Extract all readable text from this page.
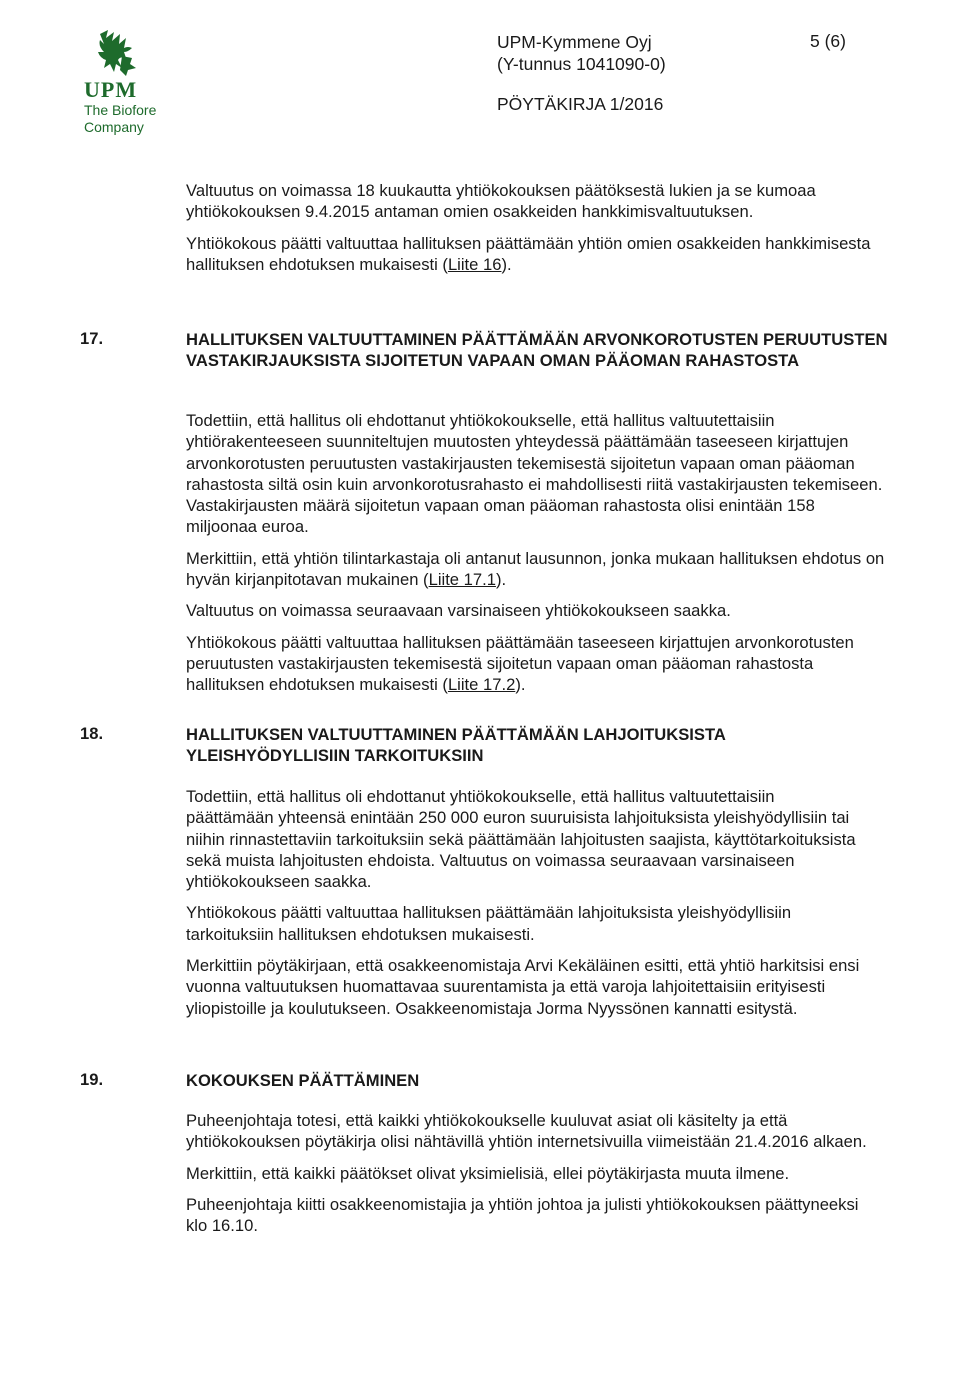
UPM
The Biofore
Company
UPM-Kymmene Oyj
(Y-tunnus 1041090-0)
PÖYTÄKIRJA 1/2016
5 (6)

Valtuutus on voimassa 18 kuukautta yhtiökokouksen päätöksestä lukien ja se kumoaa yhtiökokouksen 9.4.2015 antaman omien osakkeiden hankkimisvaltuutuksen.

Yhtiökokous päätti valtuuttaa hallituksen päättämään yhtiön omien osakkeiden hankkimisesta hallituksen ehdotuksen mukaisesti (Liite 16).

17.	HALLITUKSEN VALTUUTTAMINEN PÄÄTTÄMÄÄN ARVONKOROTUSTEN PERUUTUSTEN VASTAKIRJAUKSISTA SIJOITETUN VAPAAN OMAN PÄÄOMAN RAHASTOSTA

Todettiin, että hallitus oli ehdottanut yhtiökokoukselle, että hallitus valtuutettaisiin yhtiörakenteeseen suunniteltujen muutosten yhteydessä päättämään taseeseen kirjattujen arvonkorotusten peruutusten vastakirjausten tekemisestä sijoitetun vapaan oman pääoman rahastosta siltä osin kuin arvonkorotusrahasto ei mahdollisesti riitä vastakirjausten tekemiseen. Vastakirjausten määrä sijoitetun vapaan oman pääoman rahastosta olisi enintään 158 miljoonaa euroa.

Merkittiin, että yhtiön tilintarkastaja oli antanut lausunnon, jonka mukaan hallituksen ehdotus on hyvän kirjanpitotavan mukainen (Liite 17.1).

Valtuutus on voimassa seuraavaan varsinaiseen yhtiökokoukseen saakka.

Yhtiökokous päätti valtuuttaa hallituksen päättämään taseeseen kirjattujen arvonkorotusten peruutusten vastakirjausten tekemisestä sijoitetun vapaan oman pääoman rahastosta hallituksen ehdotuksen mukaisesti (Liite 17.2).

18.	HALLITUKSEN VALTUUTTAMINEN PÄÄTTÄMÄÄN LAHJOITUKSISTA YLEISHYÖDYLLISIIN TARKOITUKSIIN

Todettiin, että hallitus oli ehdottanut yhtiökokoukselle, että hallitus valtuutettaisiin päättämään yhteensä enintään 250 000 euron suuruisista lahjoituksista yleishyödyllisiin tai niihin rinnastettaviin tarkoituksiin sekä päättämään lahjoitusten saajista, käyttötarkoituksista sekä muista lahjoitusten ehdoista. Valtuutus on voimassa seuraavaan varsinaiseen yhtiökokoukseen saakka.

Yhtiökokous päätti valtuuttaa hallituksen päättämään lahjoituksista yleishyödyllisiin tarkoituksiin hallituksen ehdotuksen mukaisesti.

Merkittiin pöytäkirjaan, että osakkeenomistaja Arvi Kekäläinen esitti, että yhtiö harkitsisi ensi vuonna valtuutuksen huomattavaa suurentamista ja että varoja lahjoitettaisiin erityisesti yliopistoille ja koulutukseen. Osakkeenomistaja Jorma Nyyssönen kannatti esitystä.

19.	KOKOUKSEN PÄÄTTÄMINEN

Puheenjohtaja totesi, että kaikki yhtiökokoukselle kuuluvat asiat oli käsitelty ja että yhtiökokouksen pöytäkirja olisi nähtävillä yhtiön internetsivuilla viimeistään 21.4.2016 alkaen.

Merkittiin, että kaikki päätökset olivat yksimielisiä, ellei pöytäkirjasta muuta ilmene.

Puheenjohtaja kiitti osakkeenomistajia ja yhtiön johtoa ja julisti yhtiökokouksen päättyneeksi klo 16.10.
